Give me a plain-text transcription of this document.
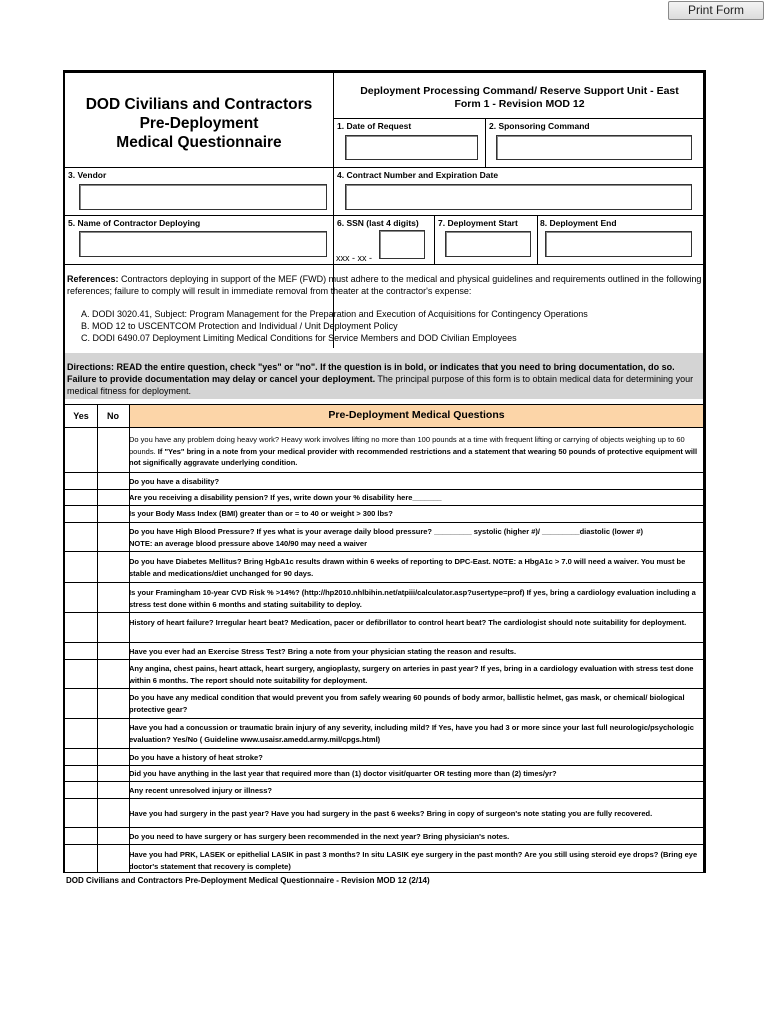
Print Form
DOD Civilians and Contractors
Pre-Deployment
Medical Questionnaire
Deployment Processing Command/ Reserve Support Unit - East
Form 1 - Revision MOD 12
1. Date of Request	2. Sponsoring Command
3. Vendor	4. Contract Number and Expiration Date
5. Name of Contractor Deploying	6. SSN (last 4 digits) 7. Deployment Start	8. Deployment End
xxx - xx -
References: Contractors deploying in support of the MEF (FWD) must adhere to the medical and physical guidelines and requirements outlined in the following references; failure to comply will result in immediate removal from theater at the contractor's expense:
A. DODI 3020.41, Subject: Program Management for the Preparation and Execution of Acquisitions for Contingency Operations
B. MOD 12 to USCENTCOM Protection and Individual / Unit Deployment Policy
C. DODI 6490.07 Deployment Limiting Medical Conditions for Service Members and DOD Civilian Employees
Directions: READ the entire question, check "yes" or "no". If the question is in bold, or indicates that you need to bring documentation, do so. Failure to provide documentation may delay or cancel your deployment. The principal purpose of this form is to obtain medical data for determining your medical fitness for deployment.
Pre-Deployment Medical Questions
Yes	No
Do you have any problem doing heavy work? Heavy work involves lifting no more than 100 pounds at a time with frequent lifting or carrying of objects weighing up to 60 pounds. If "Yes" bring in a note from your medical provider with recommended restrictions and a statement that wearing 50 pounds of protective equipment will not significally aggravate underlying condition.
Do you have a disability?
Are you receiving a disability pension? If yes, write down your % disability here_______
Is your Body Mass Index (BMI) greater than or = to 40 or weight > 300 lbs?
Do you have High Blood Pressure? If yes what is your average daily blood pressure? _________ systolic (higher #)/ _________diastolic (lower #)
NOTE: an average blood pressure above 140/90 may need a waiver
Do you have Diabetes Mellitus? Bring HgbA1c results drawn within 6 weeks of reporting to DPC-East. NOTE: a HbgA1c > 7.0 will need a waiver. You must be stable and medications/diet unchanged for 90 days.
Is your Framingham 10-year CVD Risk % >14%? (http://hp2010.nhlbihin.net/atpiii/calculator.asp?usertype=prof) If yes, bring a cardiology evaluation including a stress test done within 6 months and stating suitability to deploy.
History of heart failure? Irregular heart beat? Medication, pacer or defibrillator to control heart beat? The cardiologist should note suitability for deployment.
Have you ever had an Exercise Stress Test? Bring a note from your physician stating the reason and results.
Any angina, chest pains, heart attack, heart surgery, angioplasty, surgery on arteries in past year? If yes, bring in a cardiology evaluation with stress test done within 6 months. The report should note suitability for deployment.
Do you have any medical condition that would prevent you from safely wearing 60 pounds of body armor, ballistic helmet, gas mask, or chemical/ biological protective gear?
Have you had a concussion or traumatic brain injury of any severity, including mild? If Yes, have you had 3 or more since your last full neurologic/psychologic evaluation? Yes/No ( Guideline www.usaisr.amedd.army.mil/cpgs.html)
Do you have a history of heat stroke?
Did you have anything in the last year that required more than (1) doctor visit/quarter OR testing more than (2) times/yr?
Any recent unresolved injury or illness?
Have you had surgery in the past year? Have you had surgery in the past 6 weeks? Bring in copy of surgeon's note stating you are fully recovered.
Do you need to have surgery or has surgery been recommended in the next year? Bring physician's notes.
Have you had PRK, LASEK or epithelial LASIK in past 3 months? In situ LASIK eye surgery in the past month? Are you still using steroid eye drops? (Bring eye doctor's statement that recovery is complete)
DOD Civilians and Contractors Pre-Deployment Medical Questionnaire - Revision MOD 12 (2/14)
